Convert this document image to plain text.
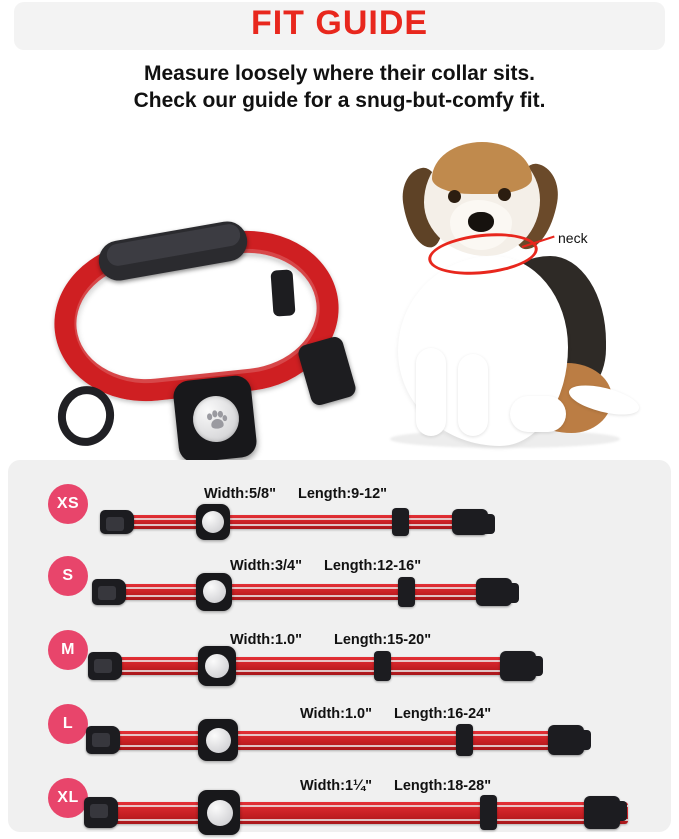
FIT GUIDE
Measure loosely where their collar sits.
Check our guide for a snug-but-comfy fit.
neck
XS
Width:5/8" Length:9-12"
S
Width:3/4" Length:12-16"
M
Width:1.0" Length:15-20"
L
Width:1.0" Length:16-24"
XL
Width:1¼" Length:18-28"
